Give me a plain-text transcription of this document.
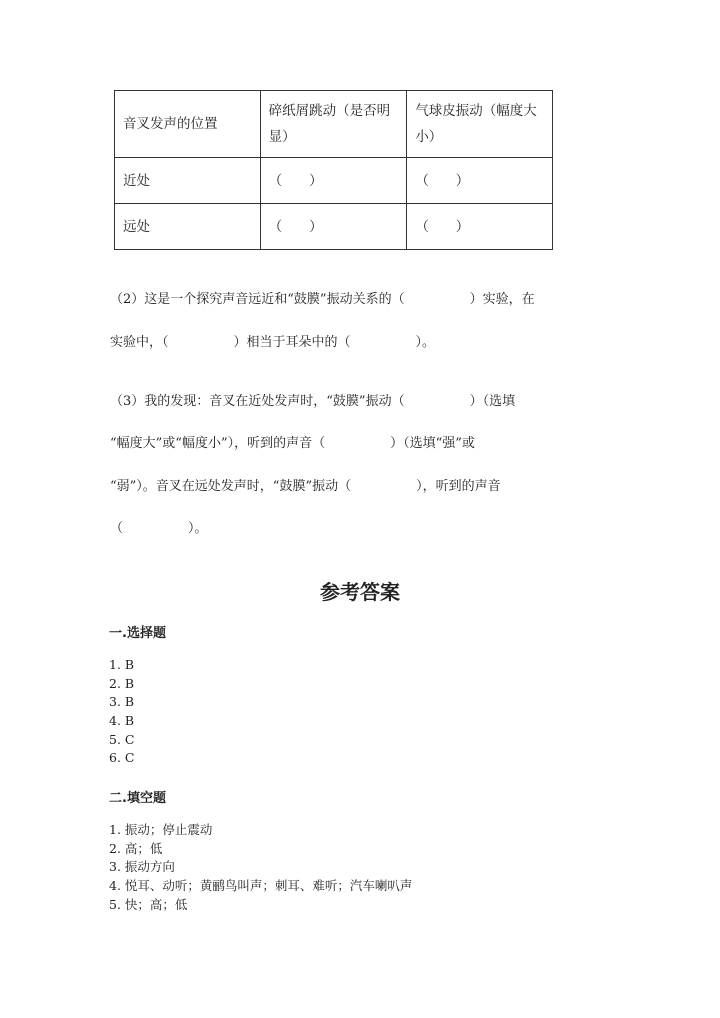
音叉发声的位置	碎纸屑跳动（是否明显）	气球皮振动（幅度大小）
近处	（　　）	（　　）
远处	（　　）	（　　）
（2）这是一个探究声音远近和“鼓膜”振动关系的（　　　　　）实验，在
实验中，（　　　　　）相当于耳朵中的（　　　　　）。
（3）我的发现：音叉在近处发声时，“鼓膜”振动（　　　　　）（选填
“幅度大”或“幅度小”），听到的声音（　　　　　）（选填“强”或
“弱”）。音叉在远处发声时，“鼓膜”振动（　　　　　），听到的声音
（　　　　　）。
参考答案
一.选择题
1. B
2. B
3. B
4. B
5. C
6. C
二.填空题
1. 振动；停止震动
2. 高；低
3. 振动方向
4. 悦耳、动听；黄鹂鸟叫声；刺耳、难听；汽车喇叭声
5. 快；高；低
